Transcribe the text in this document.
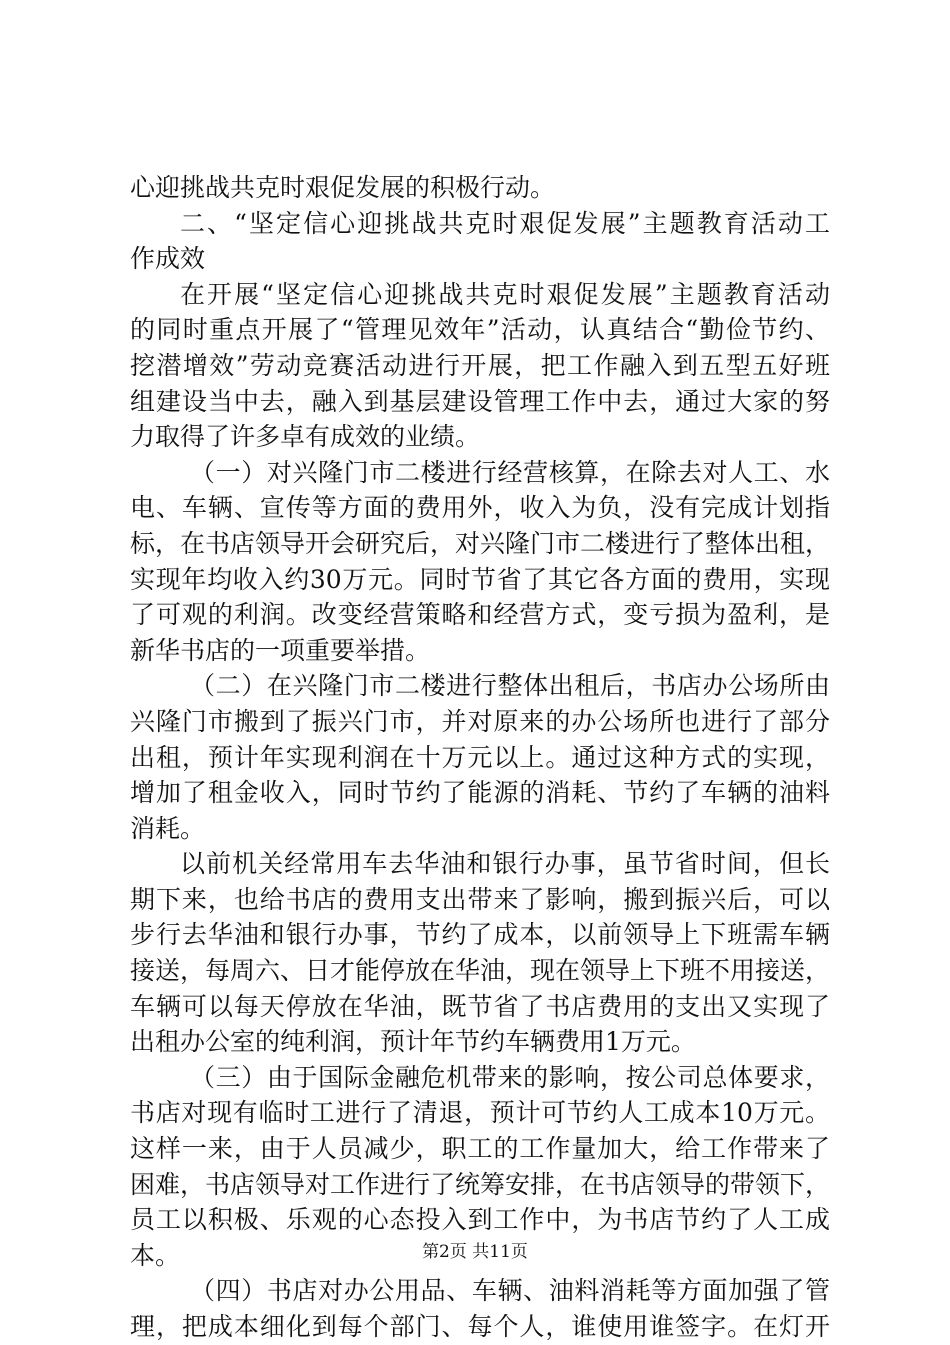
心迎挑战共克时艰促发展的积极行动。
二、“坚定信心迎挑战共克时艰促发展”主题教育活动工
作成效
在开展“坚定信心迎挑战共克时艰促发展”主题教育活动
的同时重点开展了“管理见效年”活动，认真结合“勤俭节约、
挖潜增效”劳动竞赛活动进行开展，把工作融入到五型五好班
组建设当中去，融入到基层建设管理工作中去，通过大家的努
力取得了许多卓有成效的业绩。
（一）对兴隆门市二楼进行经营核算，在除去对人工、水
电、车辆、宣传等方面的费用外，收入为负，没有完成计划指
标，在书店领导开会研究后，对兴隆门市二楼进行了整体出租，
实现年均收入约30万元。同时节省了其它各方面的费用，实现
了可观的利润。改变经营策略和经营方式，变亏损为盈利，是
新华书店的一项重要举措。
（二）在兴隆门市二楼进行整体出租后，书店办公场所由
兴隆门市搬到了振兴门市，并对原来的办公场所也进行了部分
出租，预计年实现利润在十万元以上。通过这种方式的实现，
增加了租金收入，同时节约了能源的消耗、节约了车辆的油料
消耗。
以前机关经常用车去华油和银行办事，虽节省时间，但长
期下来，也给书店的费用支出带来了影响，搬到振兴后，可以
步行去华油和银行办事，节约了成本，以前领导上下班需车辆
接送，每周六、日才能停放在华油，现在领导上下班不用接送，
车辆可以每天停放在华油，既节省了书店费用的支出又实现了
出租办公室的纯利润，预计年节约车辆费用1万元。
（三）由于国际金融危机带来的影响，按公司总体要求，
书店对现有临时工进行了清退，预计可节约人工成本10万元。
这样一来，由于人员减少，职工的工作量加大，给工作带来了
困难，书店领导对工作进行了统筹安排，在书店领导的带领下，
员工以积极、乐观的心态投入到工作中，为书店节约了人工成
本。
（四）书店对办公用品、车辆、油料消耗等方面加强了管
理，把成本细化到每个部门、每个人，谁使用谁签字。在灯开
第2页 共11页
